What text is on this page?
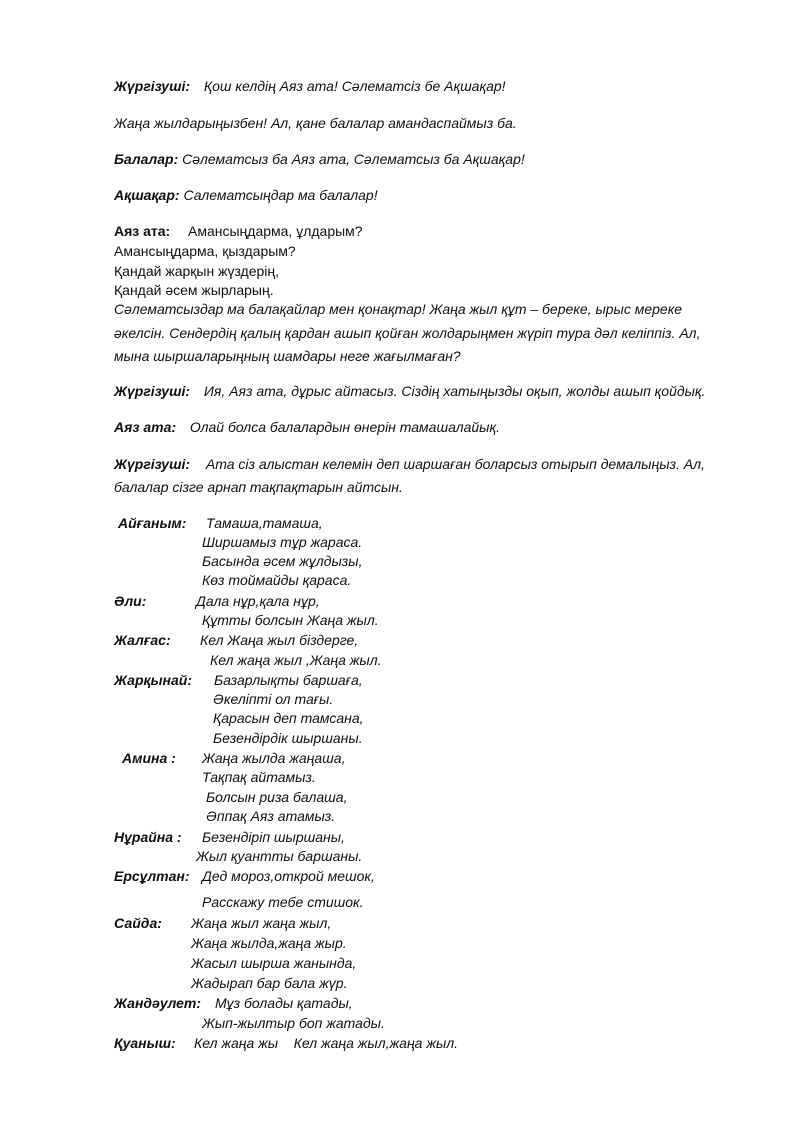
Жүргізуші: Қош келдің Аяз ата! Сәлематсіз бе Ақшақар!
Жаңа жылдарыңызбен! Ал, қане балалар амандаспаймыз ба.
Балалар: Сәлематсыз ба Аяз ата, Сәлематсыз ба Ақшақар!
Ақшақар: Салематсыңдар ма балалар!
Аяз ата: Амансыңдарма, ұлдарым?
Амансыңдарма, қыздарым?
Қандай жарқын жүздерің,
Қандай әсем жырларың.
Сәлематсыздар ма балақайлар мен қонақтар! Жаңа жыл құт – береке, ырыс мереке
әкелсін. Сендердің қалың қардан ашып қойған жолдарыңмен жүріп тура дәл келіппіз. Ал,
мына шыршаларыңның шамдары неге жағылмаған?
Жүргізуші: Ия, Аяз ата, дұрыс айтасыз. Сіздің хатыңызды оқып, жолды ашып қойдық.
Аяз ата: Олай болса балалардын өнерін тамашалайық.
Жүргізуші: Ата сіз алыстан келемін деп шаршаған боларсыз отырып демалыңыз. Ал,
балалар сізге арнап тақпақтарын айтсын.
Айғаным: Тамаша,тамаша,
Ширшамыз тұр жараса.
Басында әсем жұлдызы,
Көз тоймайды қараса.
Әли:	Дала нұр,қала нұр,
Құтты болсын Жаңа жыл.
Жалғас: Кел Жаңа жыл біздерге,
Кел жаңа жыл ,Жаңа жыл.
Жарқынай: Базарлықты баршаға,
Әкеліпті ол тағы.
Қарасын деп тамсана,
Безендірдік шыршаны.
Амина : Жаңа жылда жаңаша,
Тақпақ айтамыз.
Болсын риза балаша,
Әппақ Аяз атамыз.
Нұрайна : Безендіріп шыршаны,
Жыл қуантты баршаны.
Ерсұлтан: Дед мороз,открой мешок,
Расскажу тебе стишок.
Сайда: Жаңа жыл жаңа жыл,
Жаңа жылда,жаңа жыр.
Жасыл шырша жанында,
Жадырап бар бала жүр.
Жандәулет: Мұз болады қатады,
Жып-жылтыр боп жатады.
Қуаныш: Кел жаңа жы    Кел жаңа жыл,жаңа жыл.
